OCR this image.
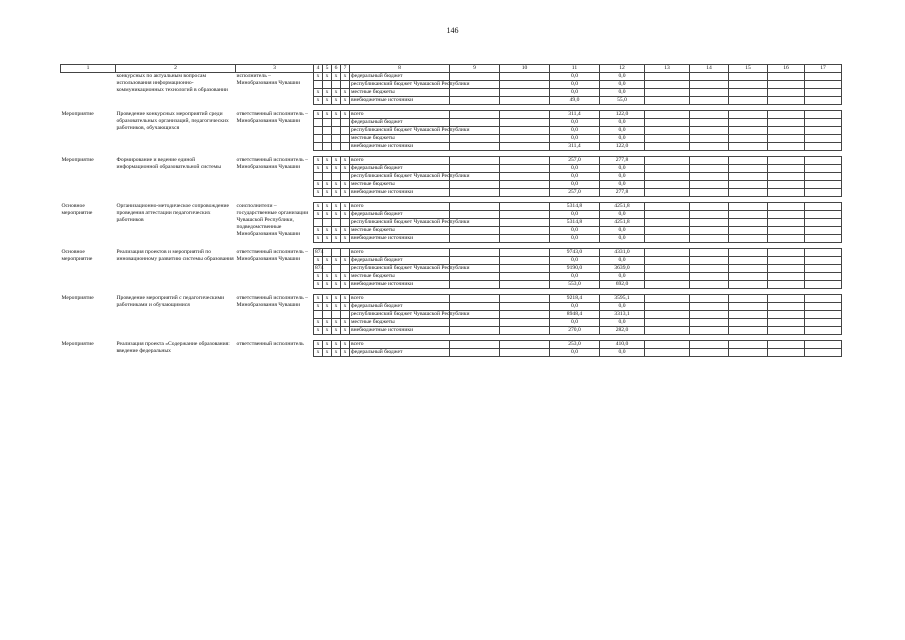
146
1	2	3	4	5	6	7	8	9	10	11	12	13	14	15	16	17
	конкурсных по актуальным вопросам использования информационно-коммуникационных технологий в образовании	исполнитель – Минобразования Чувашии	x	x	x	x	федеральный бюджет			0,0	0,0					
							республиканский бюджет Чувашской Республики			0,0	0,0					
			x	x	x	x	местные бюджеты			0,0	0,0					
			x	x	x	x	внебюджетные источники			49,0	55,0					

Мероприятие	Проведение конкурсных мероприятий среди образовательных организаций, педагогических работников, обучающихся	ответственный исполнитель – Минобразования Чувашии	x	x	x	x	всего			311,4	122,0					
							федеральный бюджет			0,0	0,0					
							республиканский бюджет Чувашской Республики			0,0	0,0					
							местные бюджеты			0,0	0,0					
							внебюджетные источники			311,4	122,0					

Мероприятие	Формирование и ведение единой информационной образовательной системы	ответственный исполнитель – Минобразования Чувашии	x	x	x	x	всего			257,0	277,8					
			x	x	x	x	федеральный бюджет			0,0	0,0					
							республиканский бюджет Чувашской Республики			0,0	0,0					
			x	x	x	x	местные бюджеты			0,0	0,0					
			x	x	x	x	внебюджетные источники			257,0	277,8					

Основное мероприятие	Организационно-методическое сопровождение проведения аттестации педагогических работников	соисполнители – государственные организации Чувашской Республики, подведомственные Минобразования Чувашии	x	x	x	x	всего			5314,8	4251,8					
			x	x	x	x	федеральный бюджет			0,0	0,0					
							республиканский бюджет Чувашской Республики			5314,8	4251,8					
			x	x	x	x	местные бюджеты			0,0	0,0					
			x	x	x	x	внебюджетные источники			0,0	0,0					

Основное мероприятие	Реализация проектов и мероприятий по инновационному развитию системы образования	ответственный исполнитель – Минобразования Чувашии	874				всего			9743,0	4331,0					
			x	x	x	x	федеральный бюджет			0,0	0,0					
			874				республиканский бюджет Чувашской Республики			9190,0	3639,0					
			x	x	x	x	местные бюджеты			0,0	0,0					
			x	x	x	x	внебюджетные источники			553,0	692,0					

Мероприятие	Проведение мероприятий с педагогическими работниками и обучающимися	ответственный исполнитель – Минобразования Чувашии	x	x	x	x	всего			9218,4	3595,1					
			x	x	x	x	федеральный бюджет			0,0	0,0					
							республиканский бюджет Чувашской Республики			8948,4	3313,1					
			x	x	x	x	местные бюджеты			0,0	0,0					
			x	x	x	x	внебюджетные источники			270,0	282,0					

Мероприятие	Реализация проекта «Содержание образования: введение федеральных	ответственный исполнитель	x	x	x	x	всего			253,0	410,0					
			x	x	x	x	федеральный бюджет			0,0	0,0					
